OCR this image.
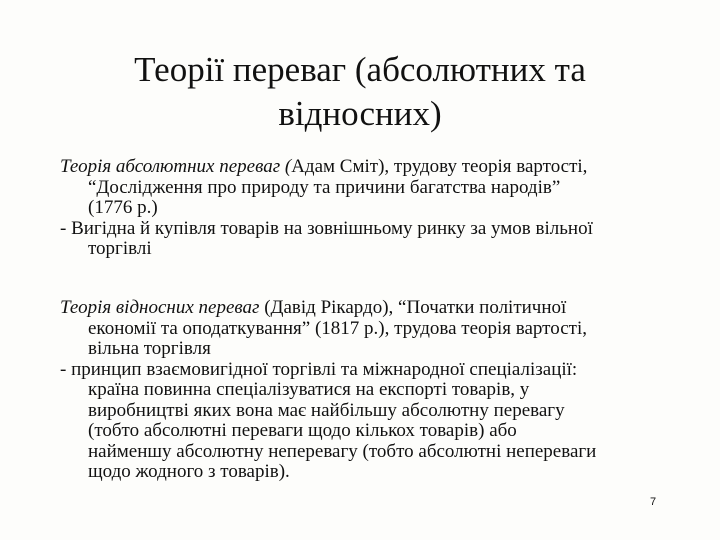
Теорії переваг (абсолютних та
відносних)
Теорія абсолютних переваг (Адам Сміт), трудову теорія вартості,
“Дослідження про природу та причини багатства народів”
(1776 р.)
- Вигідна й купівля товарів на зовнішньому ринку за умов вільної
торгівлі
Теорія відносних переваг (Давід Рікардо), “Початки політичної
економії та оподаткування” (1817 р.), трудова теорія вартості,
вільна торгівля
- принцип взаємовигідної торгівлі та міжнародної спеціалізації:
країна повинна спеціалізуватися на експорті товарів, у
виробництві яких вона має найбільшу абсолютну перевагу
(тобто абсолютні переваги щодо кількох товарів) або
найменшу абсолютну неперевагу (тобто абсолютні непереваги
щодо жодного з товарів).
7
